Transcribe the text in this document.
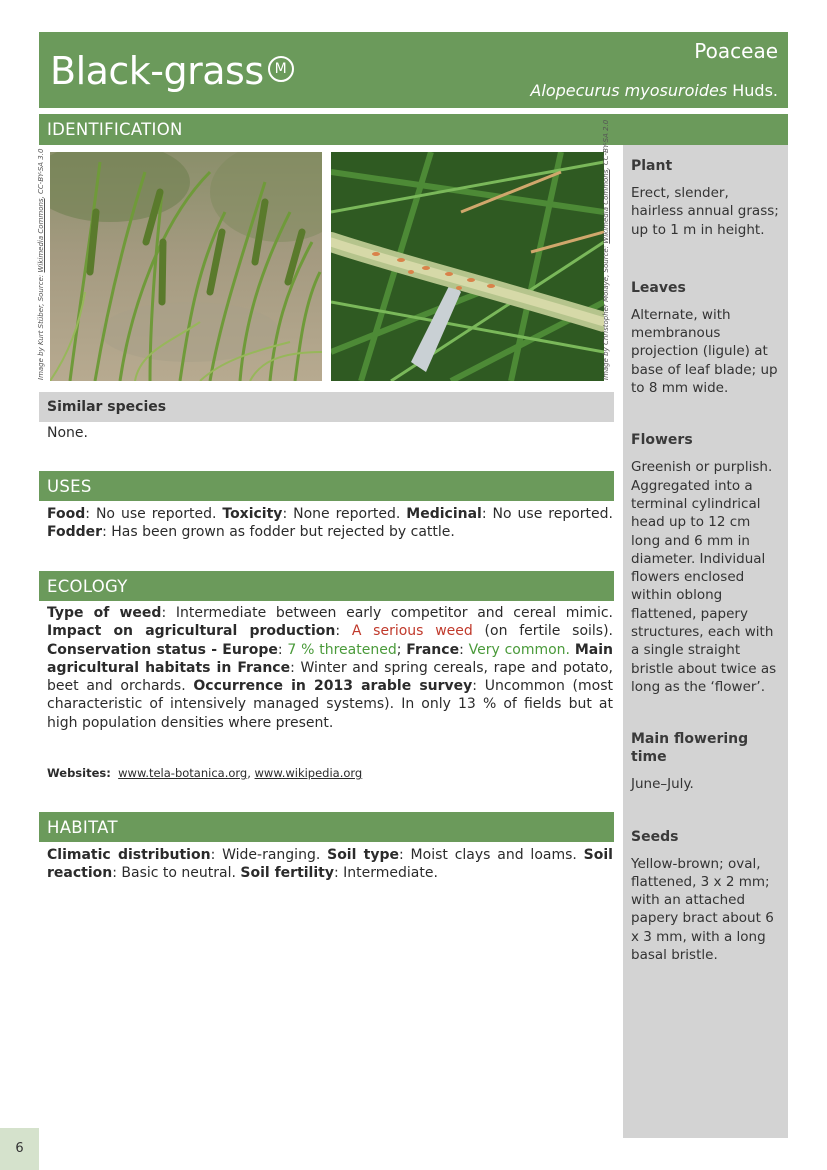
Black-grass M
Poaceae
Alopecurus myosuroides Huds.
IDENTIFICATION
Image by Kurt Stüber, Source: Wikimedia Commons, CC-BY-SA 3.0
Image by Christopher Molaye, Source: Wikimedia Commons, CC-BY-SA 2.0
Similar species
None.
USES
Food: No use reported. Toxicity: None reported. Medicinal: No use reported. Fodder: Has been grown as fodder but rejected by cattle.
ECOLOGY
Type of weed: Intermediate between early competitor and cereal mimic. Impact on agricultural production: A serious weed (on fertile soils). Conservation status - Europe: 7 % threatened; France: Very common. Main agricultural habitats in France: Winter and spring cereals, rape and potato, beet and orchards. Occurrence in 2013 arable survey: Uncommon (most characteristic of intensively managed systems). In only 13 % of fields but at high population densities where present.
Websites: www.tela-botanica.org, www.wikipedia.org
HABITAT
Climatic distribution: Wide-ranging. Soil type: Moist clays and loams. Soil reaction: Basic to neutral. Soil fertility: Intermediate.
Plant
Erect, slender, hairless annual grass; up to 1 m in height.
Leaves
Alternate, with membranous projection (ligule) at base of leaf blade; up to 8 mm wide.
Flowers
Greenish or purplish. Aggregated into a terminal cylindrical head up to 12 cm long and 6 mm in diameter. Individual flowers enclosed within oblong flattened, papery structures, each with a single straight bristle about twice as long as the ‘flower’.
Main flowering time
June–July.
Seeds
Yellow-brown; oval, flattened, 3 x 2 mm; with an attached papery bract about 6 x 3 mm, with a long basal bristle.
6
